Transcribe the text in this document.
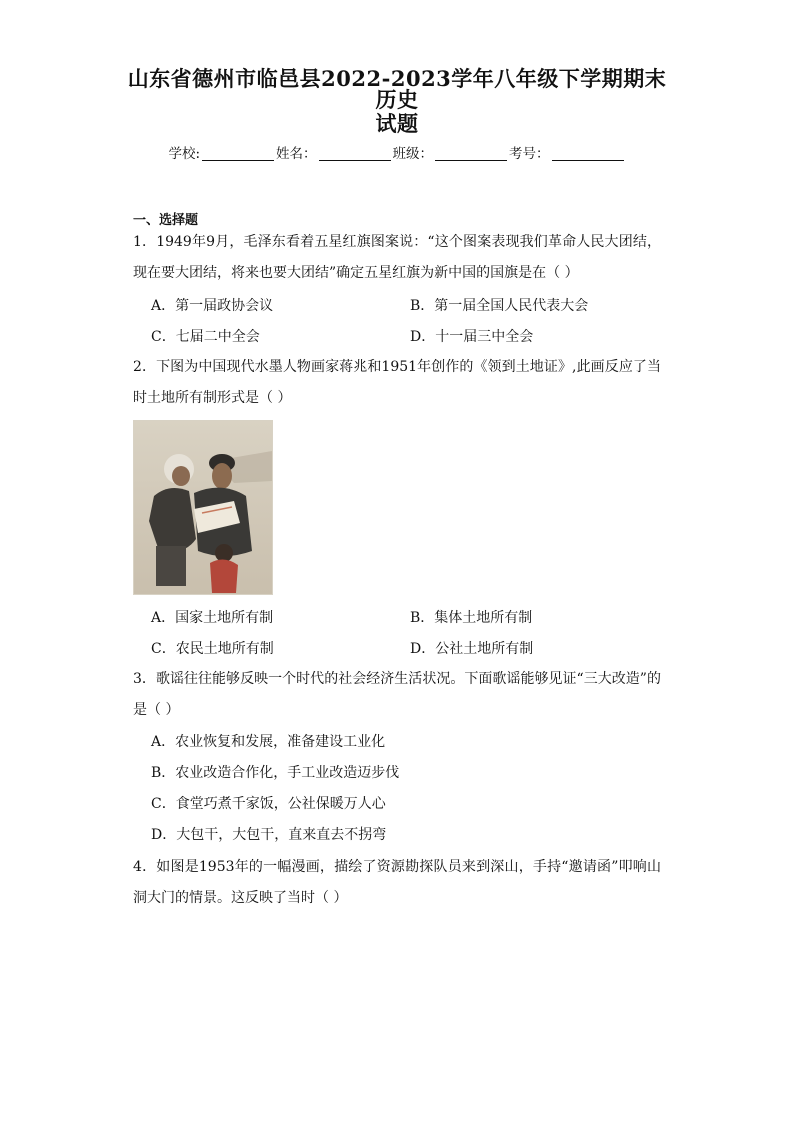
山东省德州市临邑县2022-2023学年八年级下学期期末历史
试题
学校:	姓名：	班级：	考号：
一、选择题
1．1949年9月，毛泽东看着五星红旗图案说：“这个图案表现我们革命人民大团结，现在要大团结，将来也要大团结”确定五星红旗为新中国的国旗是在（ ）
A．第一届政协会议	B．第一届全国人民代表大会
C．七届二中全会	D．十一届三中全会
2．下图为中国现代水墨人物画家蒋兆和1951年创作的《领到土地证》,此画反应了当时土地所有制形式是（ ）
A．国家土地所有制	B．集体土地所有制
C．农民土地所有制	D．公社土地所有制
3．歌谣往往能够反映一个时代的社会经济生活状况。下面歌谣能够见证“三大改造”的是（ ）
A．农业恢复和发展，准备建设工业化
B．农业改造合作化，手工业改造迈步伐
C．食堂巧煮千家饭，公社保暖万人心
D．大包干，大包干，直来直去不拐弯
4．如图是1953年的一幅漫画，描绘了资源勘探队员来到深山，手持“邀请函”叩响山洞大门的情景。这反映了当时（ ）
